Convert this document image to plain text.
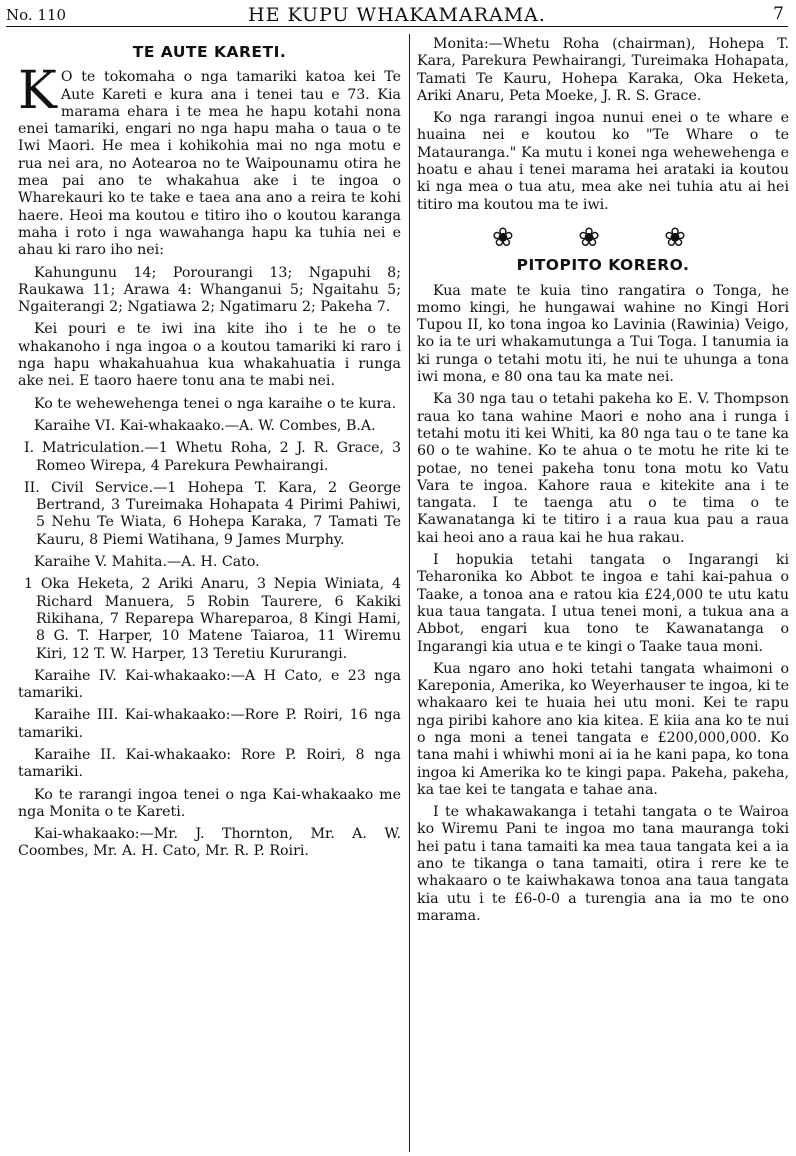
No. 110	HE KUPU WHAKAMARAMA.	7
TE AUTE KARETI.

K O te tokomaha o nga tamariki katoa kei Te Aute Kareti e kura ana i tenei tau e 73. Kia marama ehara i te mea he hapu kotahi nona enei tamariki, engari no nga hapu maha o taua o te Iwi Maori. He mea i kohikohia mai no nga motu e rua nei ara, no Aotearoa no te Waipounamu otira he mea pai ano te whakahua ake i te ingoa o Wharekauri ko te take e taea ana ano a reira te kohi haere. Heoi ma koutou e titiro iho o koutou karanga maha i roto i nga wawahanga hapu ka tuhia nei e ahau ki raro iho nei:

Kahungunu 14; Porourangi 13; Ngapuhi 8; Raukawa 11; Arawa 4: Whanganui 5; Ngaitahu 5; Ngaiterangi 2; Ngatiawa 2; Ngatimaru 2; Pakeha 7.

Kei pouri e te iwi ina kite iho i te he o te whakanoho i nga ingoa o a koutou tamariki ki raro i nga hapu whakahuahua kua whakahuatia i runga ake nei. E taoro haere tonu ana te mabi nei.

Ko te wehewehenga tenei o nga karaihe o te kura.

Karaihe VI. Kai-whakaako.—A. W. Combes, B.A.

I. Matriculation.—1 Whetu Roha, 2 J. R. Grace, 3 Romeo Wirepa, 4 Parekura Pewhairangi.

II. Civil Service.—1 Hohepa T. Kara, 2 George Bertrand, 3 Tureimaka Hohapata 4 Pirimi Pahiwi, 5 Nehu Te Wiata, 6 Hohepa Karaka, 7 Tamati Te Kauru, 8 Piemi Watihana, 9 James Murphy.

Karaihe V. Mahita.—A. H. Cato.

1 Oka Heketa, 2 Ariki Anaru, 3 Nepia Winiata, 4 Richard Manuera, 5 Robin Taurere, 6 Kakiki Rikihana, 7 Reparepa Whareparoa, 8 Kingi Hami, 8 G. T. Harper, 10 Matene Taiaroa, 11 Wiremu Kiri, 12 T. W. Harper, 13 Teretiu Kururangi.

Karaihe IV. Kai-whakaako:—A H Cato, e 23 nga tamariki.

Karaihe III. Kai-whakaako:—Rore P. Roiri, 16 nga tamariki.

Karaihe II. Kai-whakaako: Rore P. Roiri, 8 nga tamariki.

Ko te rarangi ingoa tenei o nga Kai-whakaako me nga Monita o te Kareti.

Kai-whakaako:—Mr. J. Thornton, Mr. A. W. Coombes, Mr. A. H. Cato, Mr. R. P. Roiri.

Monita:—Whetu Roha (chairman), Hohepa T. Kara, Parekura Pewhairangi, Tureimaka Hohapata, Tamati Te Kauru, Hohepa Karaka, Oka Heketa, Ariki Anaru, Peta Moeke, J. R. S. Grace.

Ko nga rarangi ingoa nunui enei o te whare e huaina nei e koutou ko "Te Whare o te Matauranga." Ka mutu i konei nga wehewehenga e hoatu e ahau i tenei marama hei arataki ia koutou ki nga mea o tua atu, mea ake nei tuhia atu ai hei titiro ma koutou ma te iwi.

❀ ❀ ❀
PITOPITO KORERO.

Kua mate te kuia tino rangatira o Tonga, he momo kingi, he hungawai wahine no Kingi Hori Tupou II, ko tona ingoa ko Lavinia (Rawinia) Veigo, ko ia te uri whakamutunga a Tui Toga. I tanumia ia ki runga o tetahi motu iti, he nui te uhunga a tona iwi mona, e 80 ona tau ka mate nei.

Ka 30 nga tau o tetahi pakeha ko E. V. Thompson raua ko tana wahine Maori e noho ana i runga i tetahi motu iti kei Whiti, ka 80 nga tau o te tane ka 60 o te wahine. Ko te ahua o te motu he rite ki te potae, no tenei pakeha tonu tona motu ko Vatu Vara te ingoa. Kahore raua e kitekite ana i te tangata. I te taenga atu o te tima o te Kawanatanga ki te titiro i a raua kua pau a raua kai heoi ano a raua kai he hua rakau.

I hopukia tetahi tangata o Ingarangi ki Teharonika ko Abbot te ingoa e tahi kai-pahua o Taake, a tonoa ana e ratou kia £24,000 te utu katu kua taua tangata. I utua tenei moni, a tukua ana a Abbot, engari kua tono te Kawanatanga o Ingarangi kia utua e te kingi o Taake taua moni.

Kua ngaro ano hoki tetahi tangata whaimoni o Kareponia, Amerika, ko Weyerhauser te ingoa, ki te whakaaro kei te huaia hei utu moni. Kei te rapu nga piribi kahore ano kia kitea. E kiia ana ko te nui o nga moni a tenei tangata e £200,000,000. Ko tana mahi i whiwhi moni ai ia he kani papa, ko tona ingoa ki Amerika ko te kingi papa. Pakeha, pakeha, ka tae kei te tangata e tahae ana.

I te whakawakanga i tetahi tangata o te Wairoa ko Wiremu Pani te ingoa mo tana mauranga toki hei patu i tana tamaiti ka mea taua tangata kei a ia ano te tikanga o tana tamaiti, otira i rere ke te whakaaro o te kaiwhakawa tonoa ana taua tangata kia utu i te £6-0-0 a turengia ana ia mo te ono marama.
